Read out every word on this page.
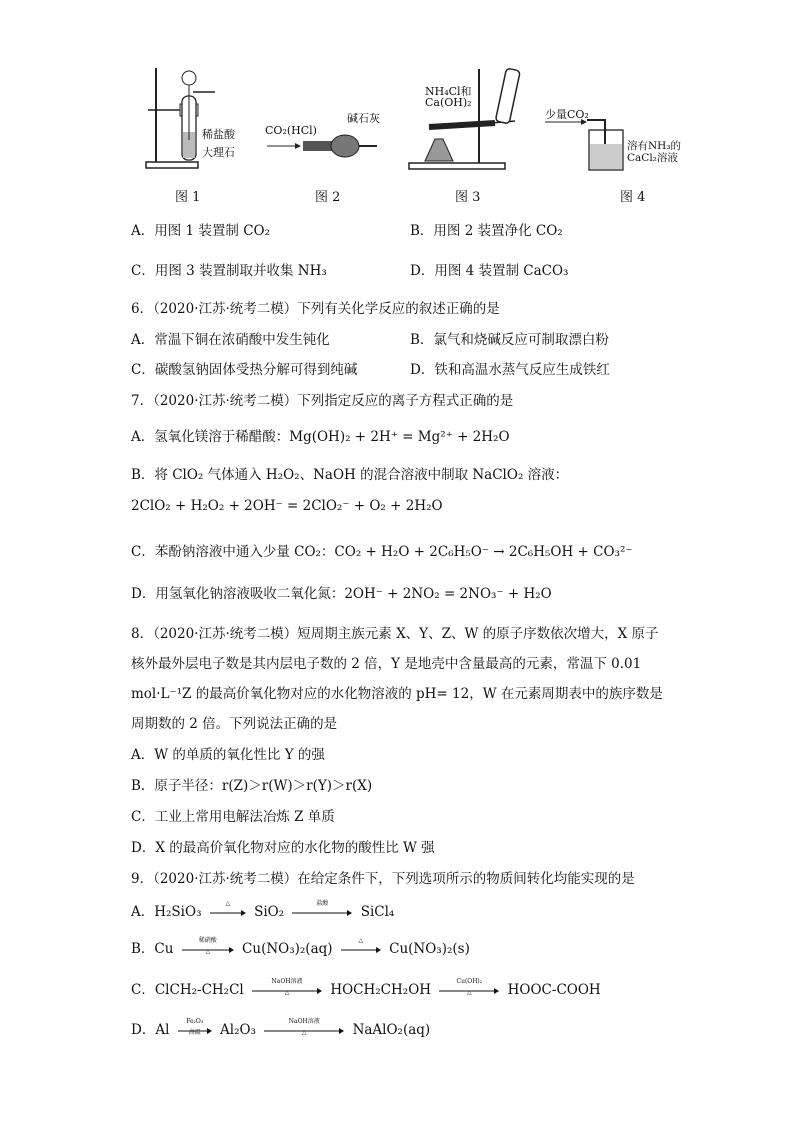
稀盐酸
大理石
图 1
CO₂(HCl)
碱石灰
图 2
NH₄Cl和
Ca(OH)₂
图 3
少量CO₂
溶有NH₃的
CaCl₂溶液
图 4
A．用图 1 装置制 CO₂	B．用图 2 装置净化 CO₂
C．用图 3 装置制取并收集 NH₃	D．用图 4 装置制 CaCO₃
6．（2020·江苏·统考二模）下列有关化学反应的叙述正确的是
A．常温下铜在浓硝酸中发生钝化	B．氯气和烧碱反应可制取漂白粉
C．碳酸氢钠固体受热分解可得到纯碱	D．铁和高温水蒸气反应生成铁红
7．（2020·江苏·统考二模）下列指定反应的离子方程式正确的是
A．氢氧化镁溶于稀醋酸：Mg(OH)₂ + 2H⁺ = Mg²⁺ + 2H₂O
B．将 ClO₂ 气体通入 H₂O₂、NaOH 的混合溶液中制取 NaClO₂ 溶液：
2ClO₂ + H₂O₂ + 2OH⁻ = 2ClO₂⁻ + O₂ + 2H₂O
C．苯酚钠溶液中通入少量 CO₂：CO₂ + H₂O + 2C₆H₅O⁻ → 2C₆H₅OH + CO₃²⁻
D．用氢氧化钠溶液吸收二氧化氮：2OH⁻ + 2NO₂ = 2NO₃⁻ + H₂O
8．（2020·江苏·统考二模）短周期主族元素 X、Y、Z、W 的原子序数依次增大，X 原子
核外最外层电子数是其内层电子数的 2 倍，Y 是地壳中含量最高的元素，常温下 0.01
mol·L⁻¹Z 的最高价氧化物对应的水化物溶液的 pH= 12，W 在元素周期表中的族序数是
周期数的 2 倍。下列说法正确的是
A．W 的单质的氧化性比 Y 的强
B．原子半径：r(Z)＞r(W)＞r(Y)＞r(X)
C．工业上常用电解法冶炼 Z 单质
D．X 的最高价氧化物对应的水化物的酸性比 W 强
9．（2020·江苏·统考二模）在给定条件下，下列选项所示的物质间转化均能实现的是
A．H₂SiO₃
△
SiO₂
盐酸
SiCl₄
B．Cu
稀硝酸
△	Cu(NO₃)₂(aq)
△
Cu(NO₃)₂(s)
C．ClCH₂-CH₂Cl
NaOH溶液
△	HOCH₂CH₂OH
Cu(OH)₂
△	HOOC-COOH
D．Al
Fe₂O₃
高温	Al₂O₃
NaOH溶液
△	NaAlO₂(aq)
